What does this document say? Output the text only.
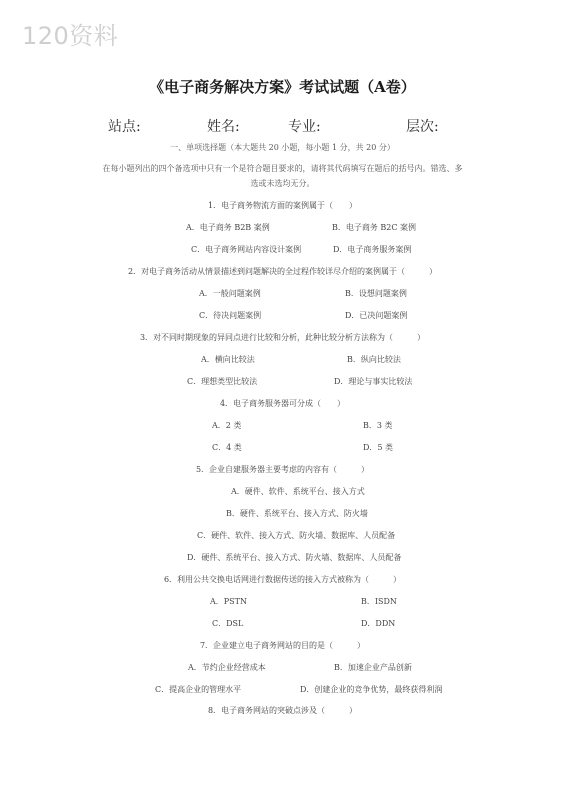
120资料
《电子商务解决方案》考试试题（A卷）
站点:	姓名:	专业:	层次:
一、单项选择题（本大题共 20 小题，每小题 1 分，共 20 分）
在每小题列出的四个备选项中只有一个是符合题目要求的，请将其代码填写在题后的括号内。错选、多选或未选均无分。
1．电子商务物流方面的案例属于（　　）
A．电子商务 B2B 案例	B．电子商务 B2C 案例
C．电子商务网站内容设计案例	D．电子商务服务案例
2．对电子商务活动从情景描述到问题解决的全过程作较详尽介绍的案例属于（　　　）
A．一般问题案例	B．设想问题案例
C．待决问题案例	D．已决问题案例
3．对不同时期现象的异同点进行比较和分析，此种比较分析方法称为（　　　）
A．横向比较法	B．纵向比较法
C．理想类型比较法	D．理论与事实比较法
4．电子商务服务器可分成（　　）
A．2 类	B．3 类
C．4 类	D．5 类
5．企业自建服务器主要考虑的内容有（　　　）
A．硬件、软件、系统平台、接入方式
B．硬件、系统平台、接入方式、防火墙
C．硬件、软件、接入方式、防火墙、数据库、人员配备
D．硬件、系统平台、接入方式、防火墙、数据库、人员配备
6．利用公共交换电话网进行数据传送的接入方式被称为（　　　）
A．PSTN	B．ISDN
C．DSL	D．DDN
7．企业建立电子商务网站的目的是（　　　）
A．节约企业经营成本	B．加速企业产品创新
C．提高企业的管理水平	D．创建企业的竞争优势，最终获得利润
8．电子商务网站的突破点涉及（　　　）
